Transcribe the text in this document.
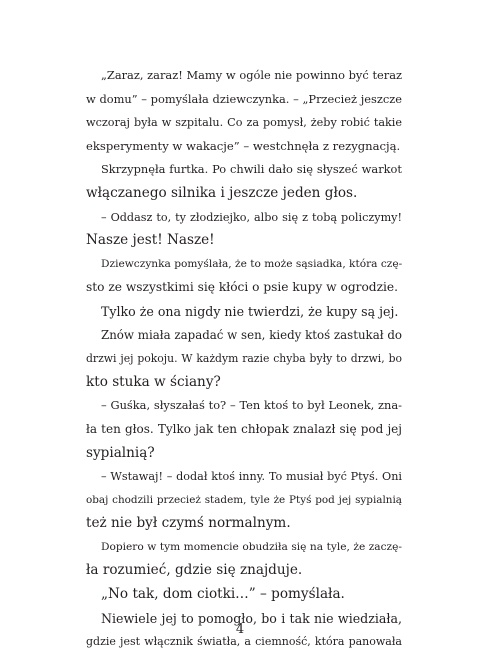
„Zaraz, zaraz! Mamy w ogóle nie powinno być teraz

w domu” – pomyślała dziewczynka. – „Przecież jeszcze

wczoraj była w szpitalu. Co za pomysł, żeby robić takie

eksperymenty w wakacje” – westchnęła z rezygnacją.

Skrzypnęła furtka. Po chwili dało się słyszeć warkot

włączanego silnika i jeszcze jeden głos.

– Oddasz to, ty złodziejko, albo się z tobą policzymy!

Nasze jest! Nasze!

Dziewczynka pomyślała, że to może sąsiadka, która czę-

sto ze wszystkimi się kłóci o psie kupy w ogrodzie.

Tylko że ona nigdy nie twierdzi, że kupy są jej.

Znów miała zapadać w sen, kiedy ktoś zastukał do

drzwi jej pokoju. W każdym razie chyba były to drzwi, bo

kto stuka w ściany?

– Guśka, słyszałaś to? – Ten ktoś to był Leonek, zna-

ła ten głos. Tylko jak ten chłopak znalazł się pod jej

sypialnią?

– Wstawaj! – dodał ktoś inny. To musiał być Ptyś. Oni

obaj chodzili przecież stadem, tyle że Ptyś pod jej sypialnią

też nie był czymś normalnym.

Dopiero w tym momencie obudziła się na tyle, że zaczę-

ła rozumieć, gdzie się znajduje.

„No tak, dom ciotki…” – pomyślała.

Niewiele jej to pomogło, bo i tak nie wiedziała,

gdzie jest włącznik światła, a ciemność, która panowała

4
